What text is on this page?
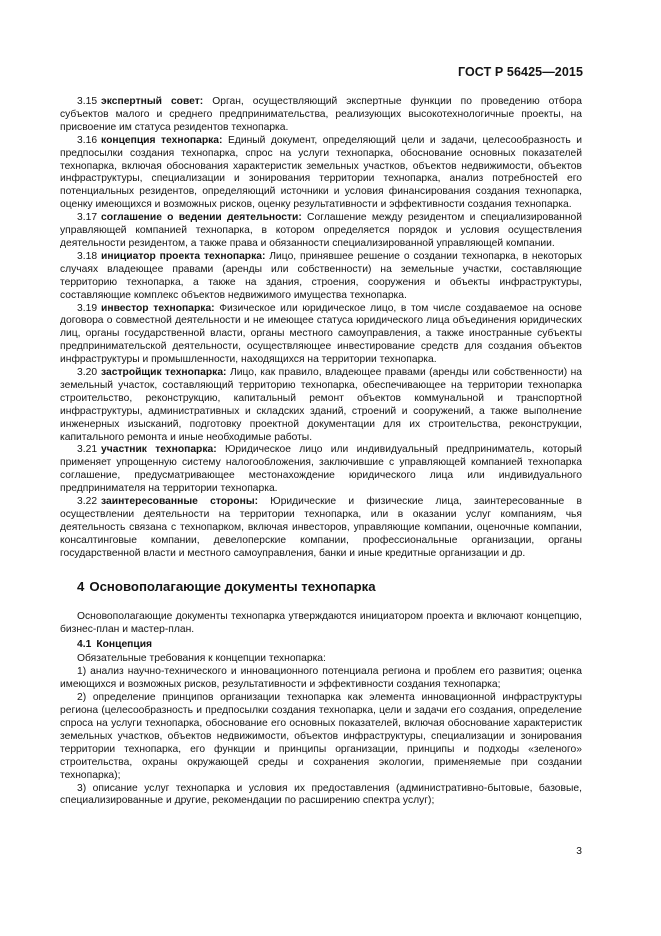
ГОСТ Р 56425—2015

3.15 экспертный совет: Орган, осуществляющий экспертные функции по проведению отбора субъектов малого и среднего предпринимательства, реализующих высокотехнологичные проекты, на присвоение им статуса резидентов технопарка.

3.16 концепция технопарка: Единый документ, определяющий цели и задачи, целесообразность и предпосылки создания технопарка, спрос на услуги технопарка, обоснование основных показателей технопарка, включая обоснования характеристик земельных участков, объектов недвижимости, объектов инфраструктуры, специализации и зонирования территории технопарка, анализ потребностей его потенциальных резидентов, определяющий источники и условия финансирования создания технопарка, оценку имеющихся и возможных рисков, оценку результативности и эффективности создания технопарка.

3.17 соглашение о ведении деятельности: Соглашение между резидентом и специализированной управляющей компанией технопарка, в котором определяется порядок и условия осуществления деятельности резидентом, а также права и обязанности специализированной управляющей компании.

3.18 инициатор проекта технопарка: Лицо, принявшее решение о создании технопарка, в некоторых случаях владеющее правами (аренды или собственности) на земельные участки, составляющие территорию технопарка, а также на здания, строения, сооружения и объекты инфраструктуры, составляющие комплекс объектов недвижимого имущества технопарка.

3.19 инвестор технопарка: Физическое или юридическое лицо, в том числе создаваемое на основе договора о совместной деятельности и не имеющее статуса юридического лица объединения юридических лиц, органы государственной власти, органы местного самоуправления, а также иностранные субъекты предпринимательской деятельности, осуществляющее инвестирование средств для создания объектов инфраструктуры и промышленности, находящихся на территории технопарка.

3.20 застройщик технопарка: Лицо, как правило, владеющее правами (аренды или собственности) на земельный участок, составляющий территорию технопарка, обеспечивающее на территории технопарка строительство, реконструкцию, капитальный ремонт объектов коммунальной и транспортной инфраструктуры, административных и складских зданий, строений и сооружений, а также выполнение инженерных изысканий, подготовку проектной документации для их строительства, реконструкции, капитального ремонта и иные необходимые работы.

3.21 участник технопарка: Юридическое лицо или индивидуальный предприниматель, который применяет упрощенную систему налогообложения, заключившие с управляющей компанией технопарка соглашение, предусматривающее местонахождение юридического лица или индивидуального предпринимателя на территории технопарка.

3.22 заинтересованные стороны: Юридические и физические лица, заинтересованные в осуществлении деятельности на территории технопарка, или в оказании услуг компаниям, чья деятельность связана с технопарком, включая инвесторов, управляющие компании, оценочные компании, консалтинговые компании, девелоперские компании, профессиональные организации, органы государственной власти и местного самоуправления, банки и иные кредитные организации и др.

4 Основополагающие документы технопарка

Основополагающие документы технопарка утверждаются инициатором проекта и включают концепцию, бизнес-план и мастер-план.

4.1 Концепция

Обязательные требования к концепции технопарка:

1) анализ научно-технического и инновационного потенциала региона и проблем его развития; оценка имеющихся и возможных рисков, результативности и эффективности создания технопарка;

2) определение принципов организации технопарка как элемента инновационной инфраструктуры региона (целесообразность и предпосылки создания технопарка, цели и задачи его создания, определение спроса на услуги технопарка, обоснование его основных показателей, включая обоснование характеристик земельных участков, объектов недвижимости, объектов инфраструктуры, специализации и зонирования территории технопарка, его функции и принципы организации, принципы и подходы «зеленого» строительства, охраны окружающей среды и сохранения экологии, применяемые при создании технопарка);

3) описание услуг технопарка и условия их предоставления (административно-бытовые, базовые, специализированные и другие, рекомендации по расширению спектра услуг);

3
